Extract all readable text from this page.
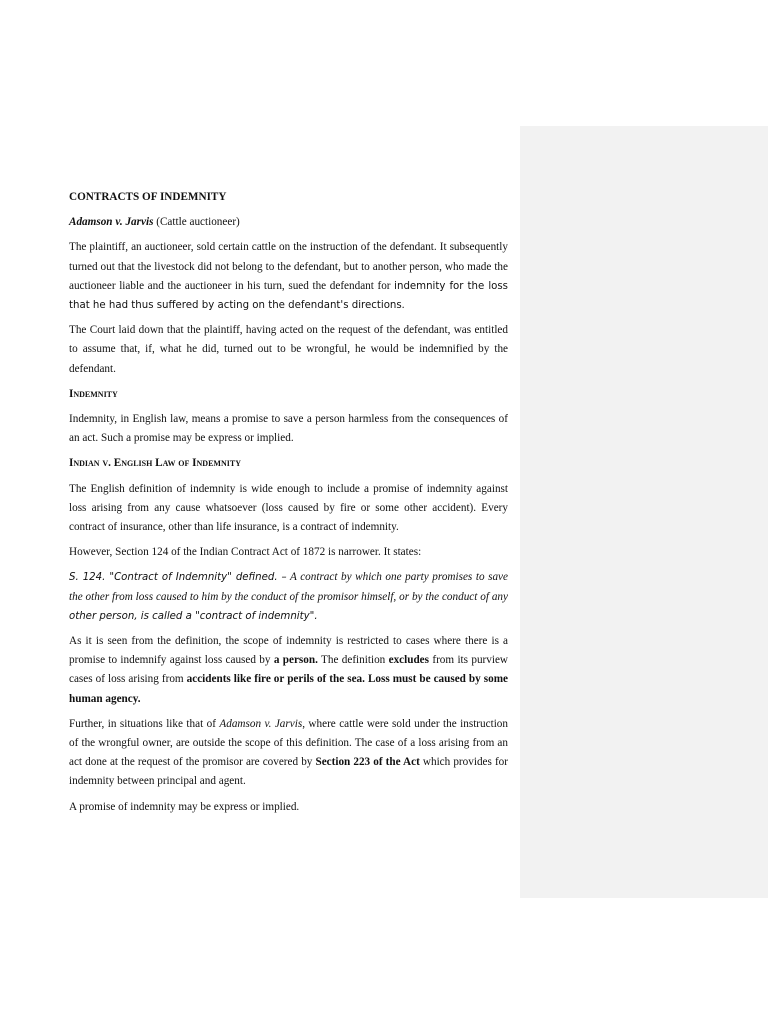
CONTRACTS OF INDEMNITY

Adamson v. Jarvis (Cattle auctioneer)

The plaintiff, an auctioneer, sold certain cattle on the instruction of the defendant. It subsequently turned out that the livestock did not belong to the defendant, but to another person, who made the auctioneer liable and the auctioneer in his turn, sued the defendant for indemnity for the loss that he had thus suffered by acting on the defendant's directions.

The Court laid down that the plaintiff, having acted on the request of the defendant, was entitled to assume that, if, what he did, turned out to be wrongful, he would be indemnified by the defendant.

Indemnity

Indemnity, in English law, means a promise to save a person harmless from the consequences of an act. Such a promise may be express or implied.

Indian v. English Law of Indemnity

The English definition of indemnity is wide enough to include a promise of indemnity against loss arising from any cause whatsoever (loss caused by fire or some other accident). Every contract of insurance, other than life insurance, is a contract of indemnity.

However, Section 124 of the Indian Contract Act of 1872 is narrower. It states:

S. 124. "Contract of Indemnity" defined. – A contract by which one party promises to save the other from loss caused to him by the conduct of the promisor himself, or by the conduct of any other person, is called a "contract of indemnity".

As it is seen from the definition, the scope of indemnity is restricted to cases where there is a promise to indemnify against loss caused by a person. The definition excludes from its purview cases of loss arising from accidents like fire or perils of the sea. Loss must be caused by some human agency.

Further, in situations like that of Adamson v. Jarvis, where cattle were sold under the instruction of the wrongful owner, are outside the scope of this definition. The case of a loss arising from an act done at the request of the promisor are covered by Section 223 of the Act which provides for indemnity between principal and agent.

A promise of indemnity may be express or implied.
